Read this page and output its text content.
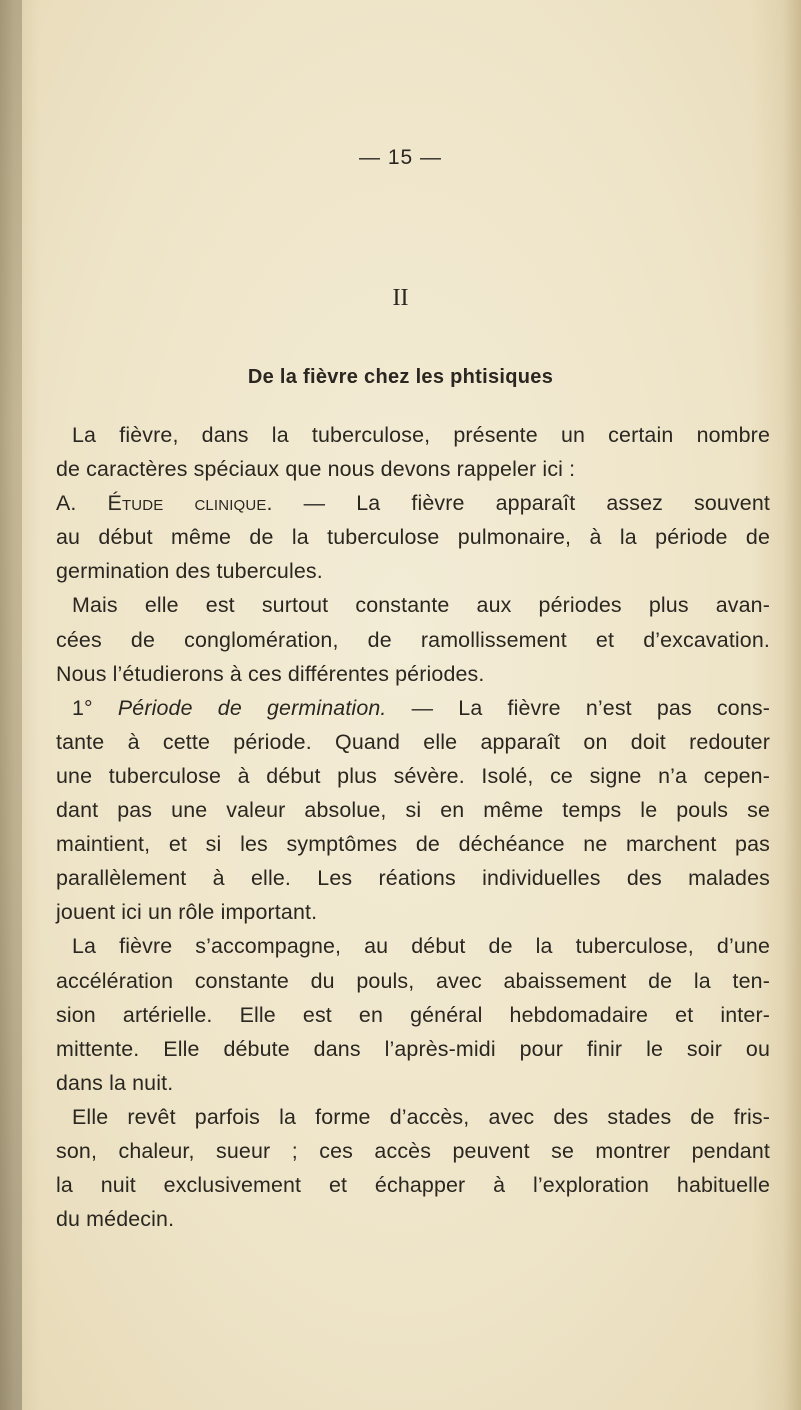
— 15 —
II
De la fièvre chez les phtisiques
La fièvre, dans la tuberculose, présente un certain nombre
de caractères spéciaux que nous devons rappeler ici :
A. Étude clinique. — La fièvre apparaît assez souvent
au début même de la tuberculose pulmonaire, à la période de
germination des tubercules.
Mais elle est surtout constante aux périodes plus avan-
cées de conglomération, de ramollissement et d’excavation.
Nous l’étudierons à ces différentes périodes.
1° Période de germination. — La fièvre n’est pas cons-
tante à cette période. Quand elle apparaît on doit redouter
une tuberculose à début plus sévère. Isolé, ce signe n’a cepen-
dant pas une valeur absolue, si en même temps le pouls se
maintient, et si les symptômes de déchéance ne marchent pas
parallèlement à elle. Les réations individuelles des malades
jouent ici un rôle important.
La fièvre s’accompagne, au début de la tuberculose, d’une
accélération constante du pouls, avec abaissement de la ten-
sion artérielle. Elle est en général hebdomadaire et inter-
mittente. Elle débute dans l’après-midi pour finir le soir ou
dans la nuit.
Elle revêt parfois la forme d’accès, avec des stades de fris-
son, chaleur, sueur ; ces accès peuvent se montrer pendant
la nuit exclusivement et échapper à l’exploration habituelle
du médecin.
